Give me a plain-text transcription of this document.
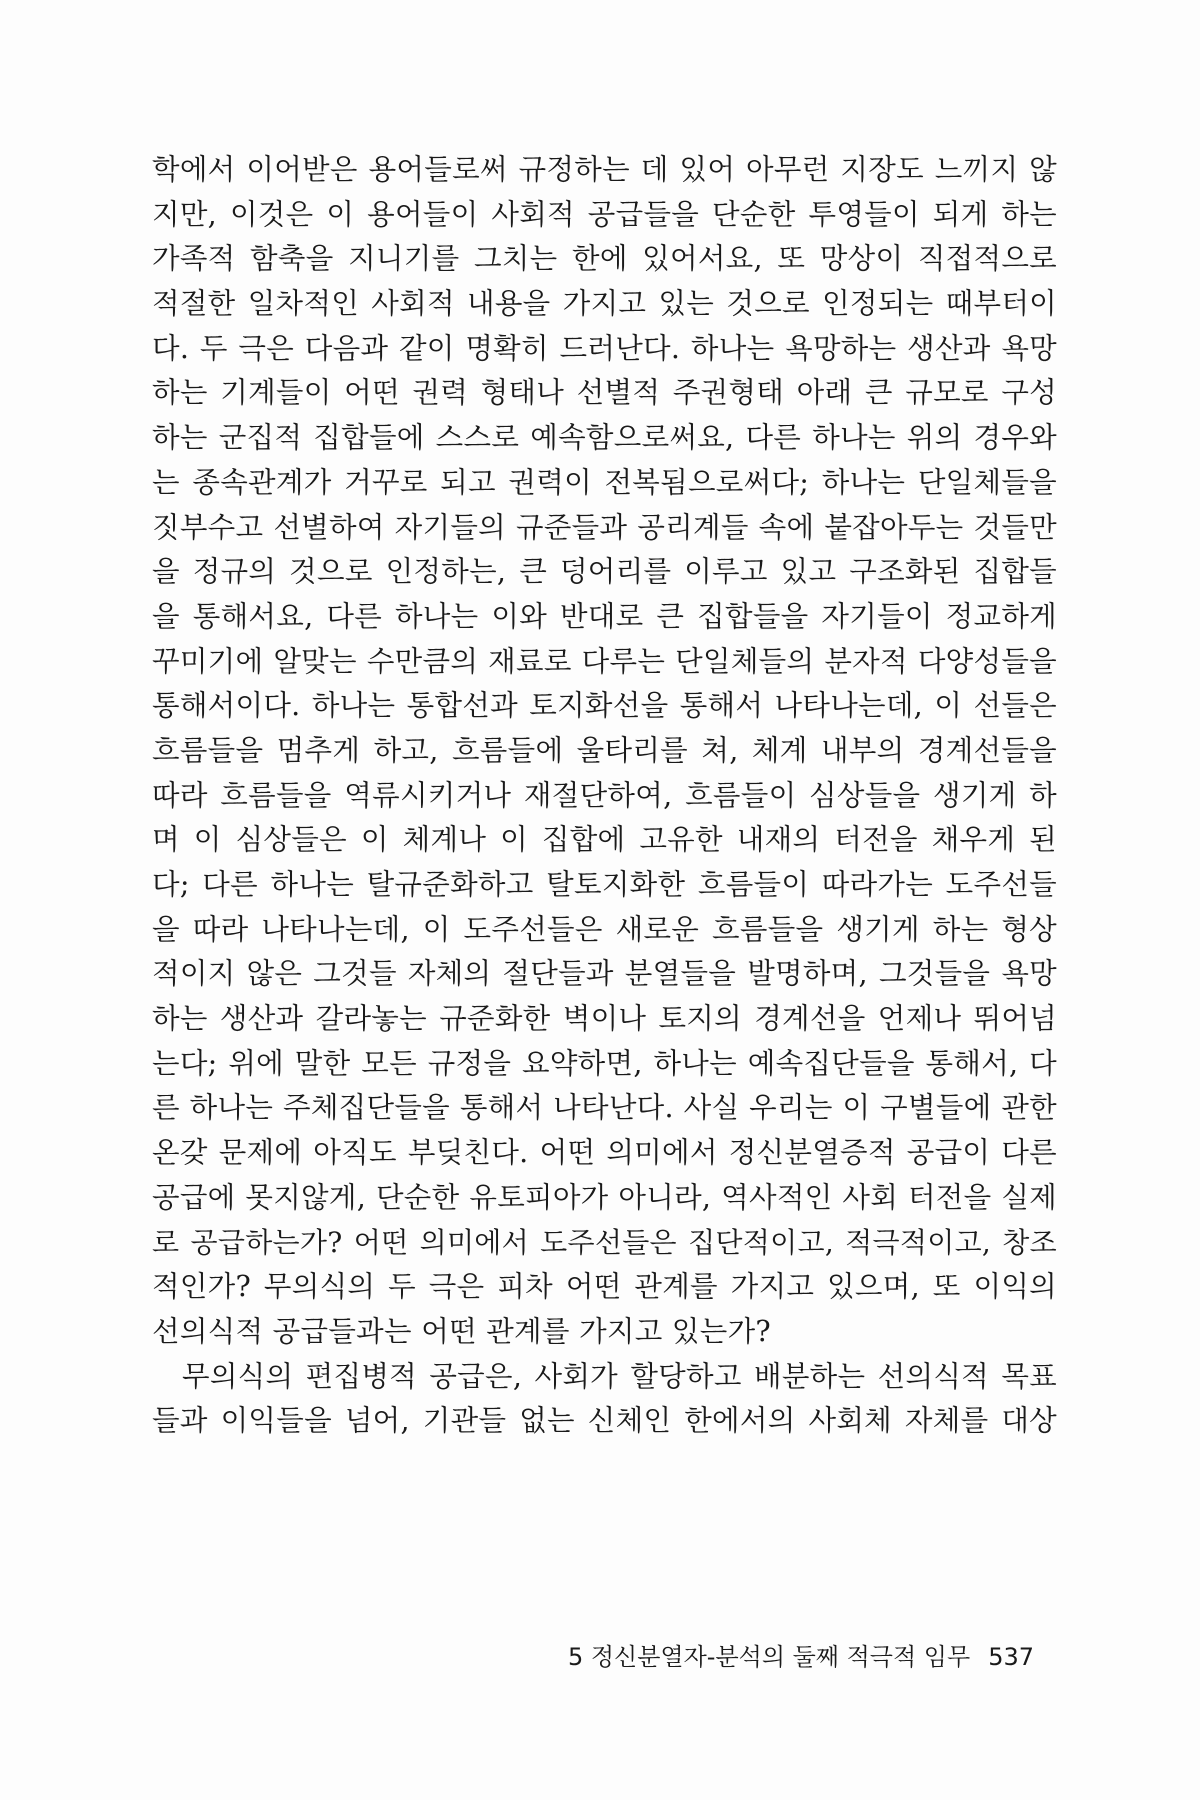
학에서 이어받은 용어들로써 규정하는 데 있어 아무런 지장도 느끼지 않
지만, 이것은 이 용어들이 사회적 공급들을 단순한 투영들이 되게 하는
가족적 함축을 지니기를 그치는 한에 있어서요, 또 망상이 직접적으로
적절한 일차적인 사회적 내용을 가지고 있는 것으로 인정되는 때부터이
다. 두 극은 다음과 같이 명확히 드러난다. 하나는 욕망하는 생산과 욕망
하는 기계들이 어떤 권력 형태나 선별적 주권형태 아래 큰 규모로 구성
하는 군집적 집합들에 스스로 예속함으로써요, 다른 하나는 위의 경우와
는 종속관계가 거꾸로 되고 권력이 전복됨으로써다; 하나는 단일체들을
짓부수고 선별하여 자기들의 규준들과 공리계들 속에 붙잡아두는 것들만
을 정규의 것으로 인정하는, 큰 덩어리를 이루고 있고 구조화된 집합들
을 통해서요, 다른 하나는 이와 반대로 큰 집합들을 자기들이 정교하게
꾸미기에 알맞는 수만큼의 재료로 다루는 단일체들의 분자적 다양성들을
통해서이다. 하나는 통합선과 토지화선을 통해서 나타나는데, 이 선들은
흐름들을 멈추게 하고, 흐름들에 울타리를 쳐, 체계 내부의 경계선들을
따라 흐름들을 역류시키거나 재절단하여, 흐름들이 심상들을 생기게 하
며 이 심상들은 이 체계나 이 집합에 고유한 내재의 터전을 채우게 된
다; 다른 하나는 탈규준화하고 탈토지화한 흐름들이 따라가는 도주선들
을 따라 나타나는데, 이 도주선들은 새로운 흐름들을 생기게 하는 형상
적이지 않은 그것들 자체의 절단들과 분열들을 발명하며, 그것들을 욕망
하는 생산과 갈라놓는 규준화한 벽이나 토지의 경계선을 언제나 뛰어넘
는다; 위에 말한 모든 규정을 요약하면, 하나는 예속집단들을 통해서, 다
른 하나는 주체집단들을 통해서 나타난다. 사실 우리는 이 구별들에 관한
온갖 문제에 아직도 부딪친다. 어떤 의미에서 정신분열증적 공급이 다른
공급에 못지않게, 단순한 유토피아가 아니라, 역사적인 사회 터전을 실제
로 공급하는가? 어떤 의미에서 도주선들은 집단적이고, 적극적이고, 창조
적인가? 무의식의 두 극은 피차 어떤 관계를 가지고 있으며, 또 이익의
선의식적 공급들과는 어떤 관계를 가지고 있는가?
무의식의 편집병적 공급은, 사회가 할당하고 배분하는 선의식적 목표
들과 이익들을 넘어, 기관들 없는 신체인 한에서의 사회체 자체를 대상
5 정신분열자-분석의 둘째 적극적 임무 537
